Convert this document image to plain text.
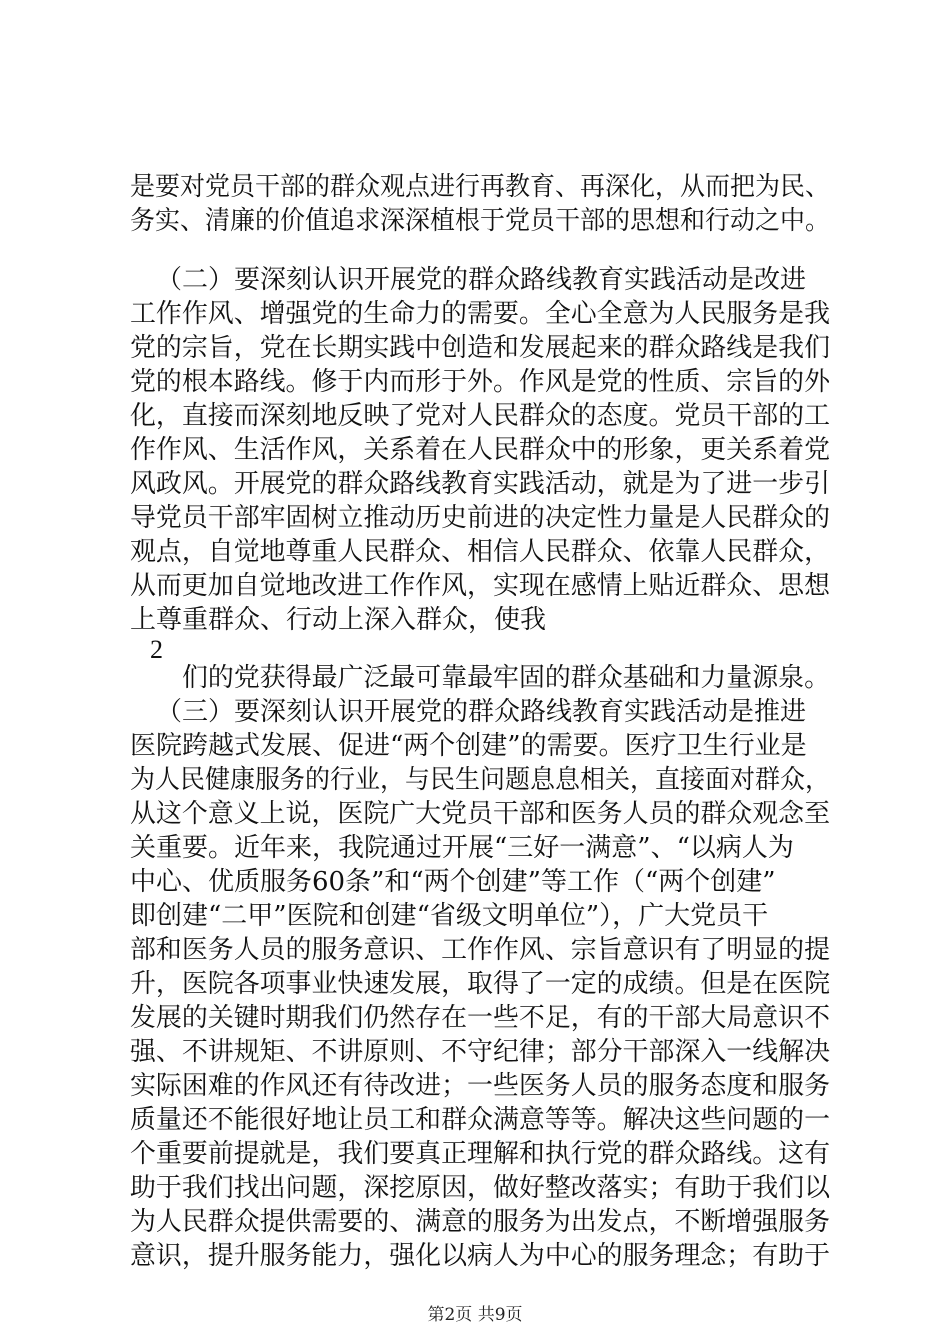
是要对党员干部的群众观点进行再教育、再深化，从而把为民、
务实、清廉的价值追求深深植根于党员干部的思想和行动之中。
（二）要深刻认识开展党的群众路线教育实践活动是改进
工作作风、增强党的生命力的需要。全心全意为人民服务是我
党的宗旨，党在长期实践中创造和发展起来的群众路线是我们
党的根本路线。修于内而形于外。作风是党的性质、宗旨的外
化，直接而深刻地反映了党对人民群众的态度。党员干部的工
作作风、生活作风，关系着在人民群众中的形象，更关系着党
风政风。开展党的群众路线教育实践活动，就是为了进一步引
导党员干部牢固树立推动历史前进的决定性力量是人民群众的
观点，自觉地尊重人民群众、相信人民群众、依靠人民群众，
从而更加自觉地改进工作作风，实现在感情上贴近群众、思想
上尊重群众、行动上深入群众，使我
2
们的党获得最广泛最可靠最牢固的群众基础和力量源泉。
（三）要深刻认识开展党的群众路线教育实践活动是推进
医院跨越式发展、促进“两个创建”的需要。医疗卫生行业是
为人民健康服务的行业，与民生问题息息相关，直接面对群众，
从这个意义上说，医院广大党员干部和医务人员的群众观念至
关重要。近年来，我院通过开展“三好一满意”、“以病人为
中心、优质服务60条”和“两个创建”等工作（“两个创建”
即创建“二甲”医院和创建“省级文明单位”），广大党员干
部和医务人员的服务意识、工作作风、宗旨意识有了明显的提
升，医院各项事业快速发展，取得了一定的成绩。但是在医院
发展的关键时期我们仍然存在一些不足，有的干部大局意识不
强、不讲规矩、不讲原则、不守纪律；部分干部深入一线解决
实际困难的作风还有待改进；一些医务人员的服务态度和服务
质量还不能很好地让员工和群众满意等等。解决这些问题的一
个重要前提就是，我们要真正理解和执行党的群众路线。这有
助于我们找出问题，深挖原因，做好整改落实；有助于我们以
为人民群众提供需要的、满意的服务为出发点，不断增强服务
意识，提升服务能力，强化以病人为中心的服务理念；有助于
第2页 共9页
